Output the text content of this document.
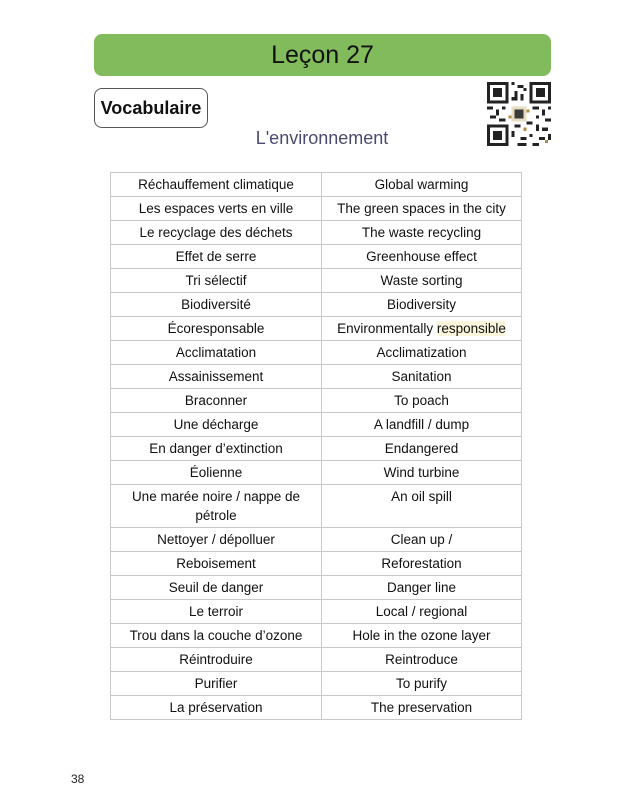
Leçon 27
Vocabulaire
L'environnement
Réchauffement climatique	Global warming
Les espaces verts en ville	The green spaces in the city
Le recyclage des déchets	The waste recycling
Effet de serre	Greenhouse effect
Tri sélectif	Waste sorting
Biodiversité	Biodiversity
Écoresponsable	Environmentally responsible
Acclimatation	Acclimatization
Assainissement	Sanitation
Braconner	To poach
Une décharge	A landfill / dump
En danger d’extinction	Endangered
Éolienne	Wind turbine
Une marée noire / nappe de
pétrole	An oil spill
Nettoyer / dépolluer	Clean up /
Reboisement	Reforestation
Seuil de danger	Danger line
Le terroir	Local / regional
Trou dans la couche d’ozone	Hole in the ozone layer
Réintroduire	Reintroduce
Purifier	To purify
La préservation	The preservation
38
